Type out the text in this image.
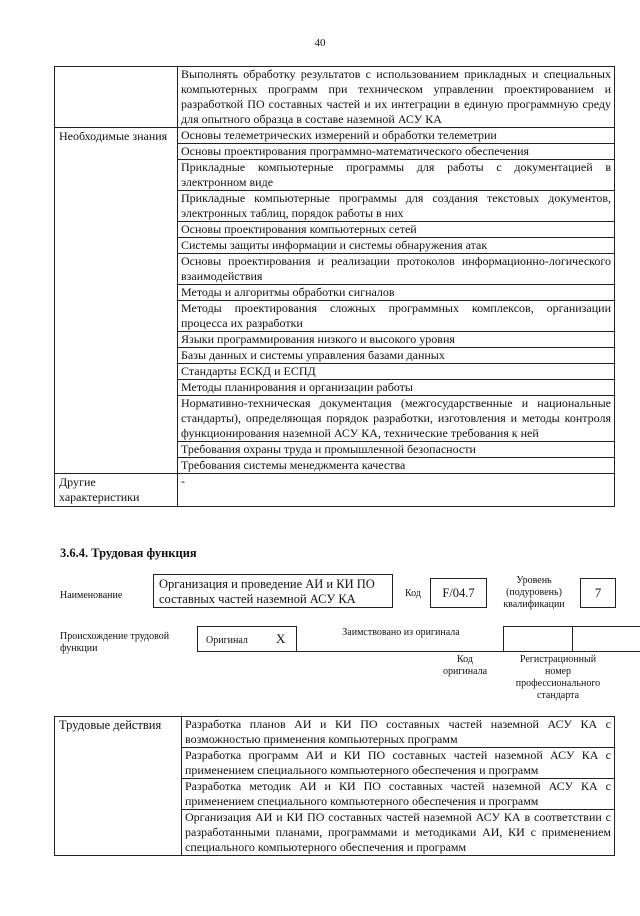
40
	Выполнять обработку результатов с использованием прикладных и специальных компьютерных программ при техническом управлении проектированием и разработкой ПО составных частей и их интеграции в единую программную среду для опытного образца в составе наземной АСУ КА
Необходимые знания	Основы телеметрических измерений и обработки телеметрии
	Основы проектирования программно-математического обеспечения
	Прикладные компьютерные программы для работы с документацией в электронном виде
	Прикладные компьютерные программы для создания текстовых документов, электронных таблиц, порядок работы в них
	Основы проектирования компьютерных сетей
	Системы защиты информации и системы обнаружения атак
	Основы проектирования и реализации протоколов информационно-логического взаимодействия
	Методы и алгоритмы обработки сигналов
	Методы проектирования сложных программных комплексов, организации процесса их разработки
	Языки программирования низкого и высокого уровня
	Базы данных и системы управления базами данных
	Стандарты ЕСКД и ЕСПД
	Методы планирования и организации работы
	Нормативно-техническая документация (межгосударственные и национальные стандарты), определяющая порядок разработки, изготовления и методы контроля функционирования наземной АСУ КА, технические требования к ней
	Требования охраны труда и промышленной безопасности
	Требования системы менеджмента качества
Другие характеристики	-
3.6.4. Трудовая функция
Наименование
Организация и проведение АИ и КИ ПО составных частей наземной АСУ КА	Код	F/04.7
Уровень (подуровень) квалификации
7
Происхождение трудовой функции
Оригинал X	Заимствовано из оригинала
Код оригинала
Регистрационный номер профессионального стандарта
Трудовые действия	Разработка планов АИ и КИ ПО составных частей наземной АСУ КА с возможностью применения компьютерных программ
Разработка программ АИ и КИ ПО составных частей наземной АСУ КА с применением специального компьютерного обеспечения и программ
Разработка методик АИ и КИ ПО составных частей наземной АСУ КА с применением специального компьютерного обеспечения и программ
Организация АИ и КИ ПО составных частей наземной АСУ КА в соответствии с разработанными планами, программами и методиками АИ, КИ с применением специального компьютерного обеспечения и программ
